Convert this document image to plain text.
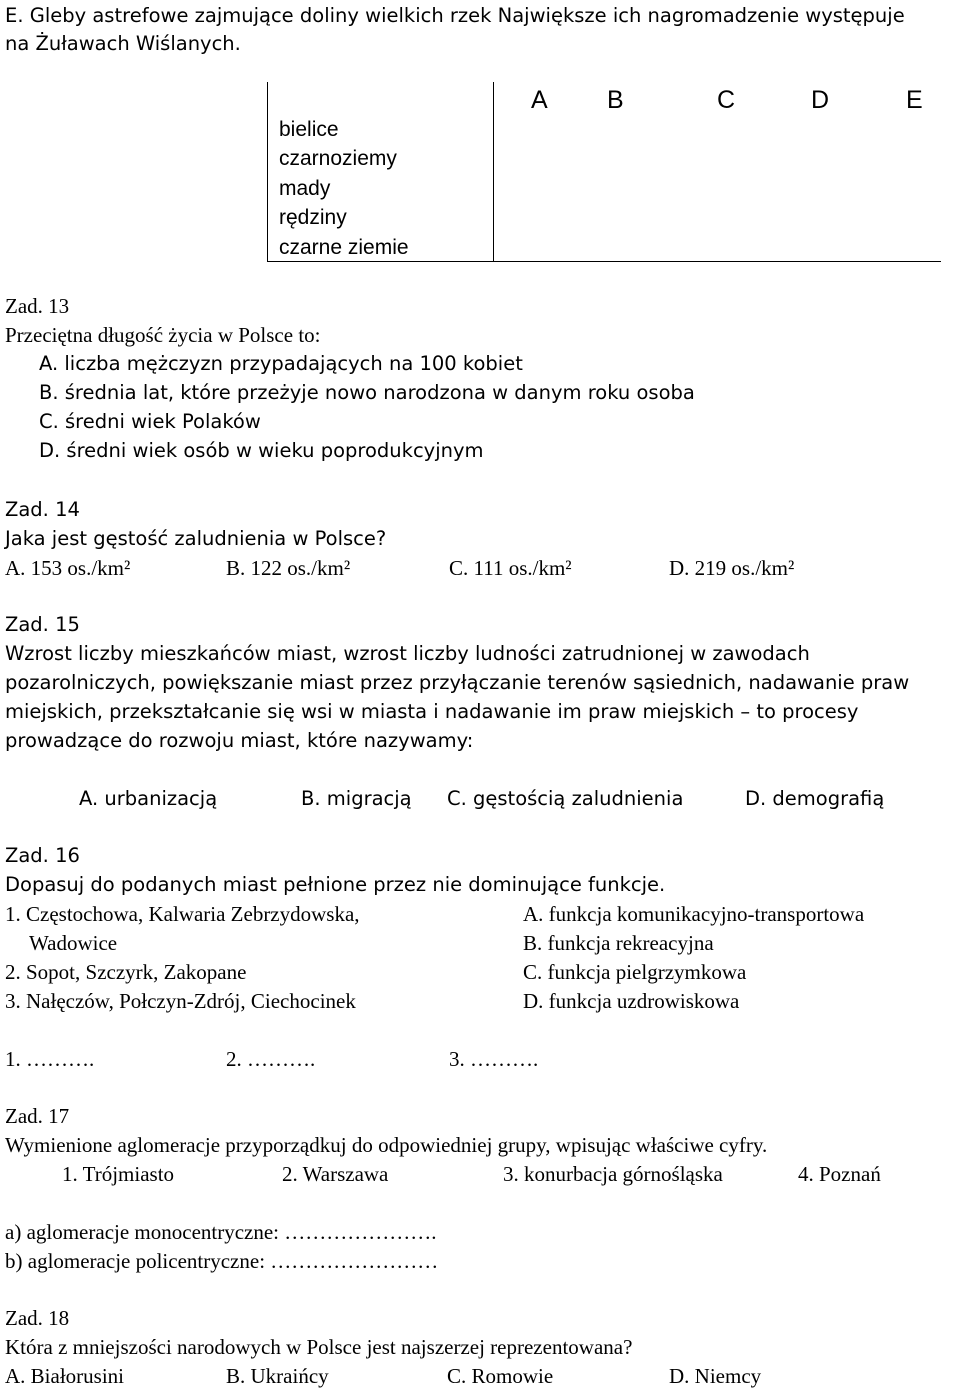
E. Gleby astrefowe zajmujące doliny wielkich rzek Największe ich nagromadzenie występuje
na Żuławach Wiślanych.
A B	C	D	E
bielice
czarnoziemy
mady
rędziny
czarne ziemie
Zad. 13
Przeciętna długość życia w Polsce to:
A. liczba mężczyzn przypadających na 100 kobiet
B. średnia lat, które przeżyje nowo narodzona w danym roku osoba
C. średni wiek Polaków
D. średni wiek osób w wieku poprodukcyjnym
Zad. 14
Jaka jest gęstość zaludnienia w Polsce?
A. 153 os./km²	B. 122 os./km²	C. 111 os./km²	D. 219 os./km²
Zad. 15
Wzrost liczby mieszkańców miast, wzrost liczby ludności zatrudnionej w zawodach
pozarolniczych, powiększanie miast przez przyłączanie terenów sąsiednich, nadawanie praw
miejskich, przekształcanie się wsi w miasta i nadawanie im praw miejskich – to procesy
prowadzące do rozwoju miast, które nazywamy:
A. urbanizacją	B. migracją C. gęstością zaludnienia	D. demografią
Zad. 16
Dopasuj do podanych miast pełnione przez nie dominujące funkcje.
1. Częstochowa, Kalwaria Zebrzydowska,
Wadowice
2. Sopot, Szczyrk, Zakopane
3. Nałęczów, Połczyn-Zdrój, Ciechocinek
A. funkcja komunikacyjno-transportowa
B. funkcja rekreacyjna
C. funkcja pielgrzymkowa
D. funkcja uzdrowiskowa
1. ……….	2. ……….	3. ……….
Zad. 17
Wymienione aglomeracje przyporządkuj do odpowiedniej grupy, wpisując właściwe cyfry.
1. Trójmiasto	2. Warszawa	3. konurbacja górnośląska	4. Poznań
a) aglomeracje monocentryczne: ………………….
b) aglomeracje policentryczne: ……………………
Zad. 18
Która z mniejszości narodowych w Polsce jest najszerzej reprezentowana?
A. Białorusini	B. Ukraińcy	C. Romowie	D. Niemcy
